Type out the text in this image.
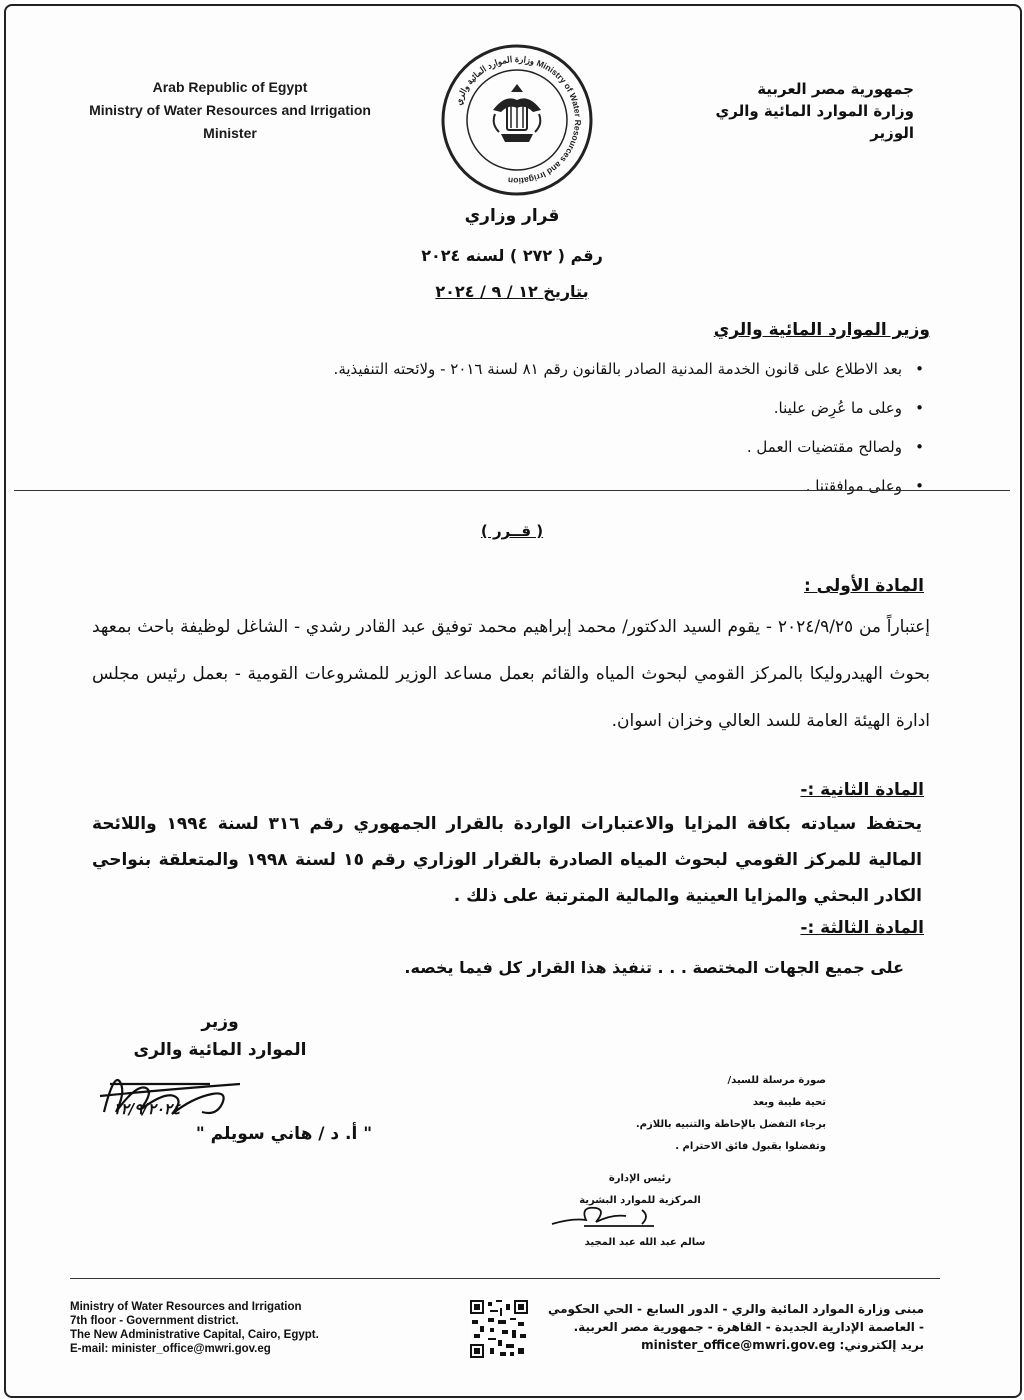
Arab Republic of Egypt
Ministry of Water Resources and Irrigation
Minister
وزارة الموارد المائية والري Ministry of Water Resources and Irrigation
جمهورية مصر العربية
وزارة الموارد المائية والري
الوزير
قرار وزاري
رقم ( ٢٧٢ ) لسنه ٢٠٢٤
بتاريخ ١٢ / ٩ / ٢٠٢٤
وزير الموارد المائية والري
• بعد الاطلاع على قانون الخدمة المدنية الصادر بالقانون رقم ٨١ لسنة ٢٠١٦ - ولائحته التنفيذية.
• وعلى ما عُرِض علينا.
• ولصالح مقتضيات العمل .
• وعلى موافقتنا .
( قــرر )
المادة الأولى :
إعتباراً من ٢٠٢٤/٩/٢٥ - يقوم السيد الدكتور/ محمد إبراهيم محمد توفيق عبد القادر رشدي - الشاغل لوظيفة باحث بمعهد بحوث الهيدروليكا بالمركز القومي لبحوث المياه والقائم بعمل مساعد الوزير للمشروعات القومية - بعمل رئيس مجلس ادارة الهيئة العامة للسد العالي وخزان اسوان.
المادة الثانية :-
يحتفظ سيادته بكافة المزايا والاعتبارات الواردة بالقرار الجمهوري رقم ٣١٦ لسنة ١٩٩٤ واللائحة المالية للمركز القومي لبحوث المياه الصادرة بالقرار الوزاري رقم ١٥ لسنة ١٩٩٨ والمتعلقة بنواحي الكادر البحثي والمزايا العينية والمالية المترتبة على ذلك .
المادة الثالثة :-
على جميع الجهات المختصة . . . تنفيذ هذا القرار كل فيما يخصه.
وزير
الموارد المائية والرى
١٢/٩/٢٠٢٤
" أ. د / هاني سويلم "
صورة مرسلة للسيد/
تحية طيبة وبعد
برجاء التفضل بالإحاطة والتنبيه باللازم.
وتفضلوا بقبول فائق الاحترام .
رئيس الإدارة
المركزية للموارد البشرية
سالم عبد الله عبد المجيد
Ministry of Water Resources and Irrigation
7th floor - Government district.
The New Administrative Capital, Cairo, Egypt.
E-mail: minister_office@mwri.gov.eg
مبنى وزارة الموارد المائية والري - الدور السابع - الحي الحكومي
- العاصمة الإدارية الجديدة - القاهرة - جمهورية مصر العربية.
بريد إلكتروني: minister_office@mwri.gov.eg
